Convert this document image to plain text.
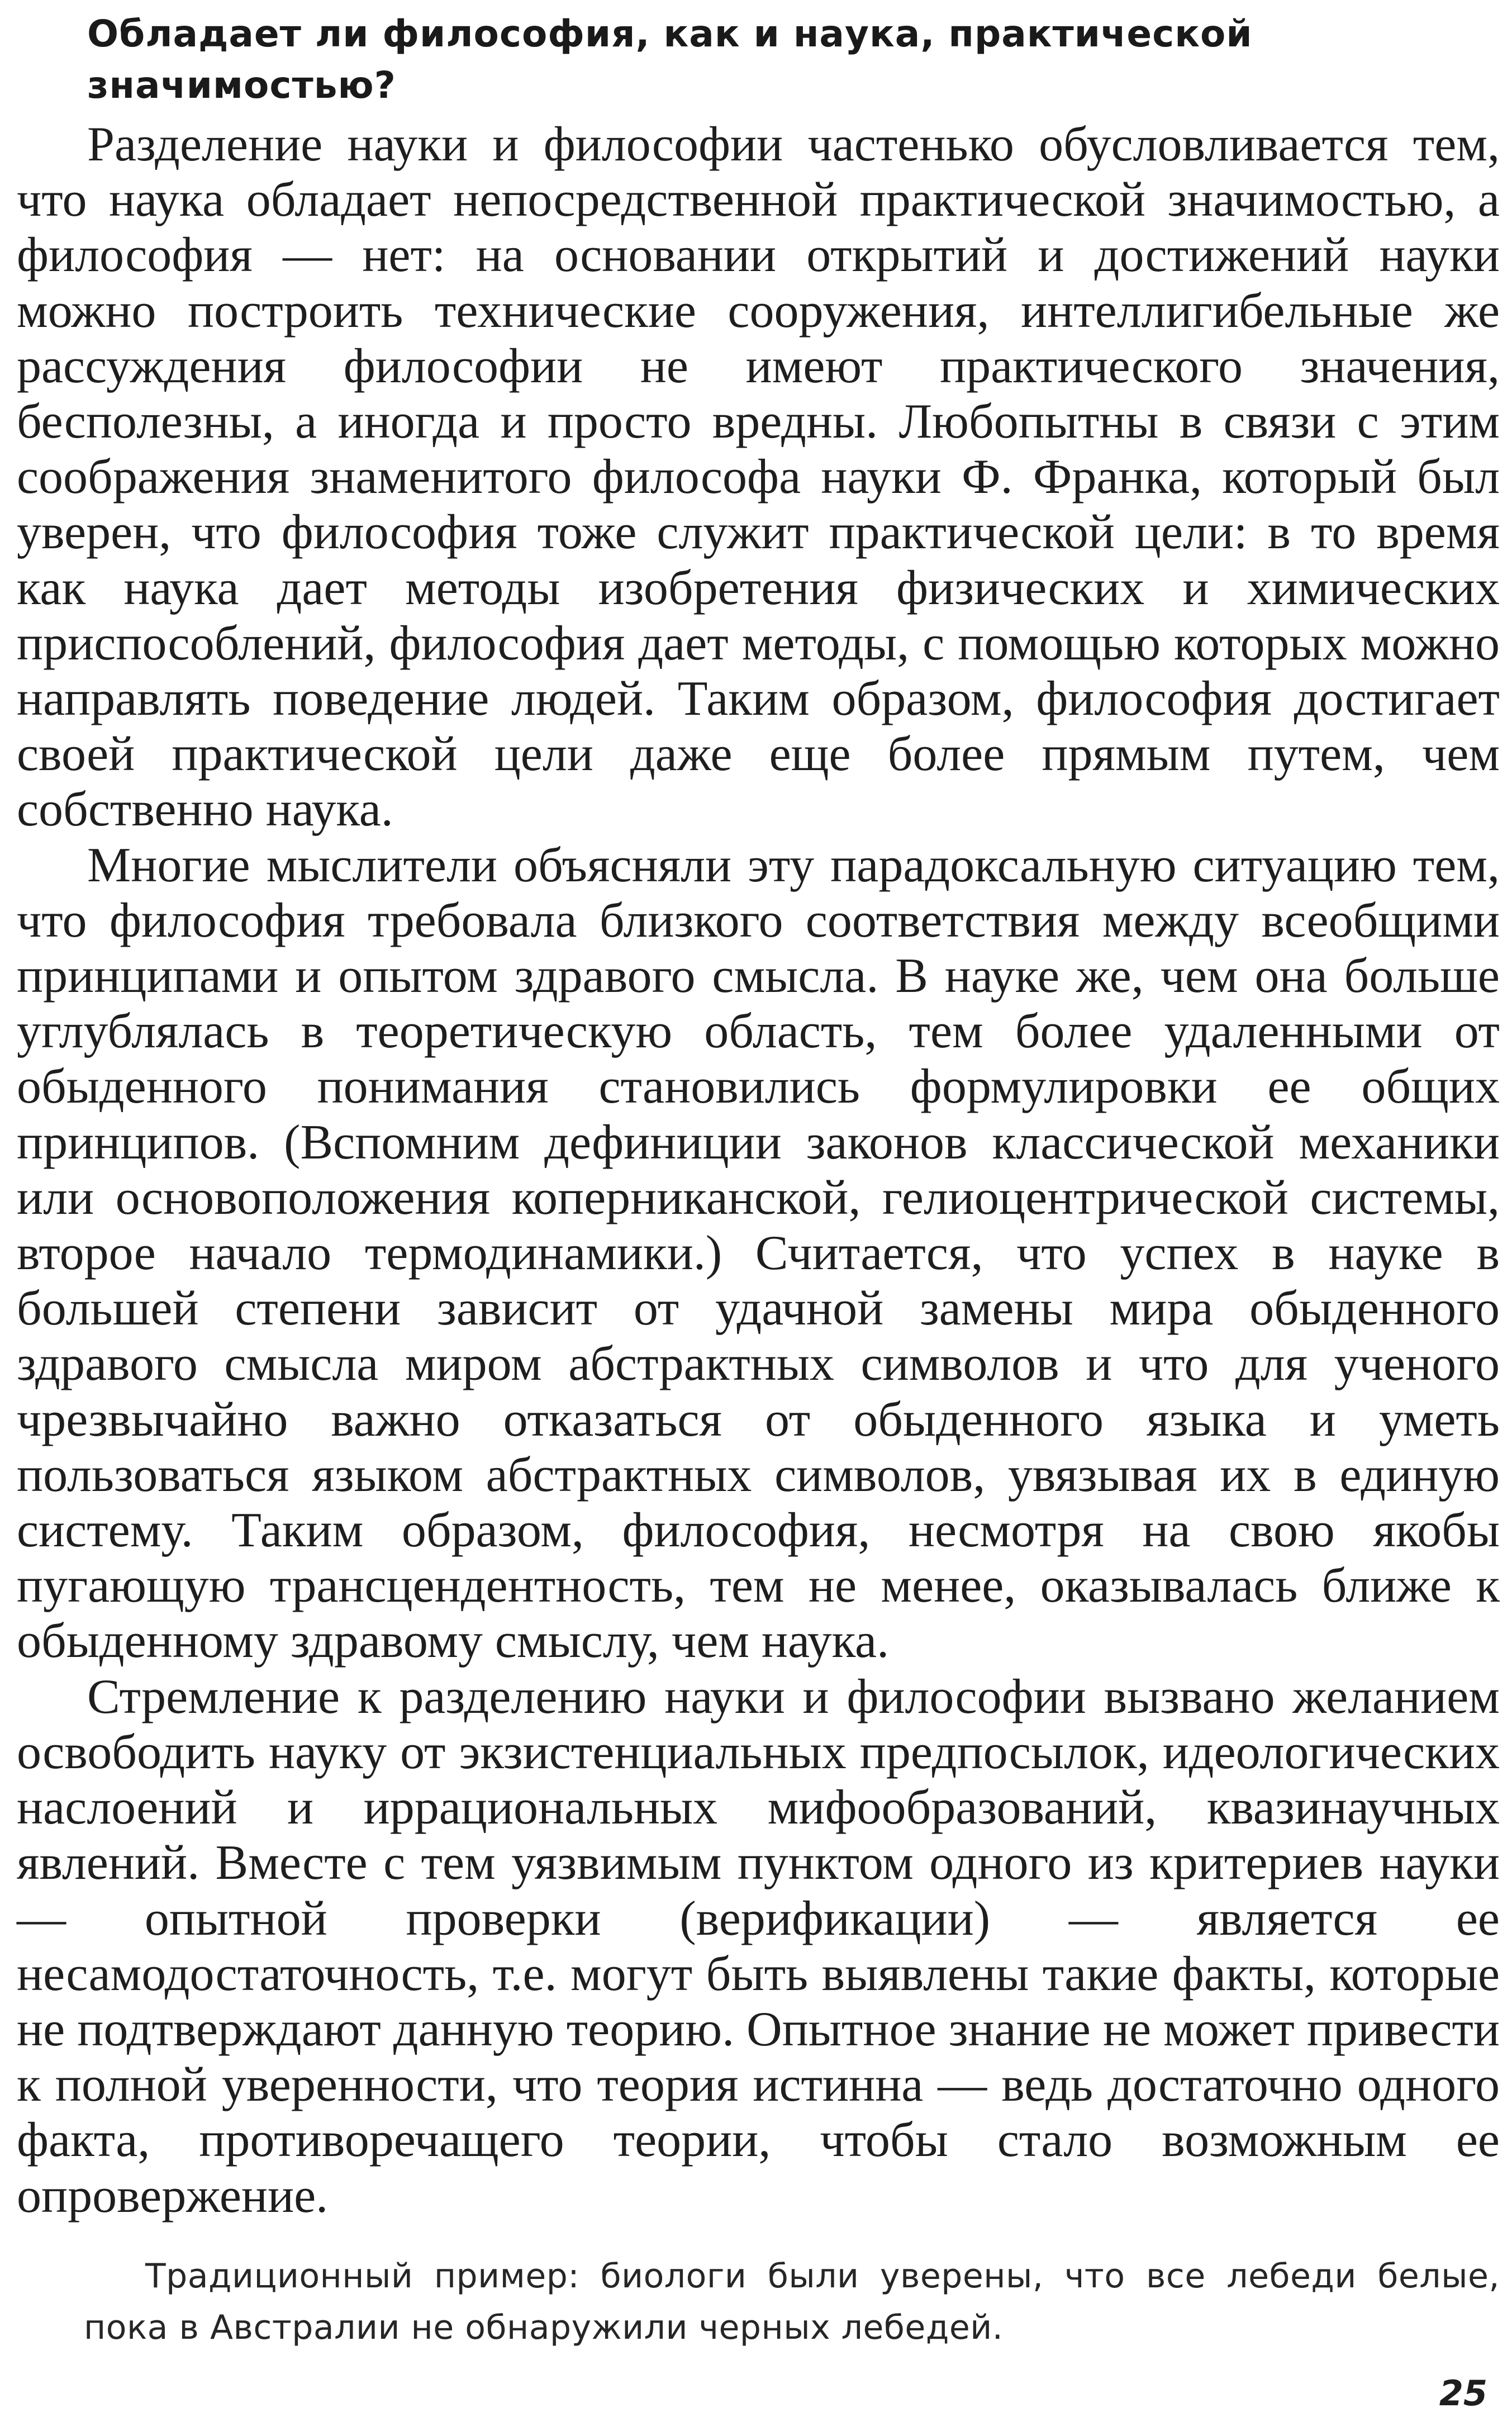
Обладает ли философия, как и наука, практической значимостью?

Разделение науки и философии частенько обусловливается тем, что наука обладает непосредственной практической значимостью, а философия — нет: на основании открытий и достижений науки можно построить технические сооружения, интеллигибельные же рассуждения философии не имеют практического значения, бесполезны, а иногда и просто вредны. Любопытны в связи с этим соображения знаменитого философа науки Ф. Франка, который был уверен, что философия тоже служит практической цели: в то время как наука дает методы изобретения физических и химических приспособлений, философия дает методы, с помощью которых можно направлять поведение людей. Таким образом, философия достигает своей практической цели даже еще более прямым путем, чем собственно наука.

Многие мыслители объясняли эту парадоксальную ситуацию тем, что философия требовала близкого соответствия между всеобщими принципами и опытом здравого смысла. В науке же, чем она больше углублялась в теоретическую область, тем более удаленными от обыденного понимания становились формулировки ее общих принципов. (Вспомним дефиниции законов классической механики или основоположения коперниканской, гелиоцентрической системы, второе начало термодинамики.) Считается, что успех в науке в большей степени зависит от удачной замены мира обыденного здравого смысла миром абстрактных символов и что для ученого чрезвычайно важно отказаться от обыденного языка и уметь пользоваться языком абстрактных символов, увязывая их в единую систему. Таким образом, философия, несмотря на свою якобы пугающую трансцендентность, тем не менее, оказывалась ближе к обыденному здравому смыслу, чем наука.

Стремление к разделению науки и философии вызвано желанием освободить науку от экзистенциальных предпосылок, идеологических наслоений и иррациональных мифообразований, квазинаучных явлений. Вместе с тем уязвимым пунктом одного из критериев науки — опытной проверки (верификации) — является ее несамодостаточность, т.е. могут быть выявлены такие факты, которые не подтверждают данную теорию. Опытное знание не может привести к полной уверенности, что теория истинна — ведь достаточно одного факта, противоречащего теории, чтобы стало возможным ее опровержение.

Традиционный пример: биологи были уверены, что все лебеди белые, пока в Австралии не обнаружили черных лебедей.

25
